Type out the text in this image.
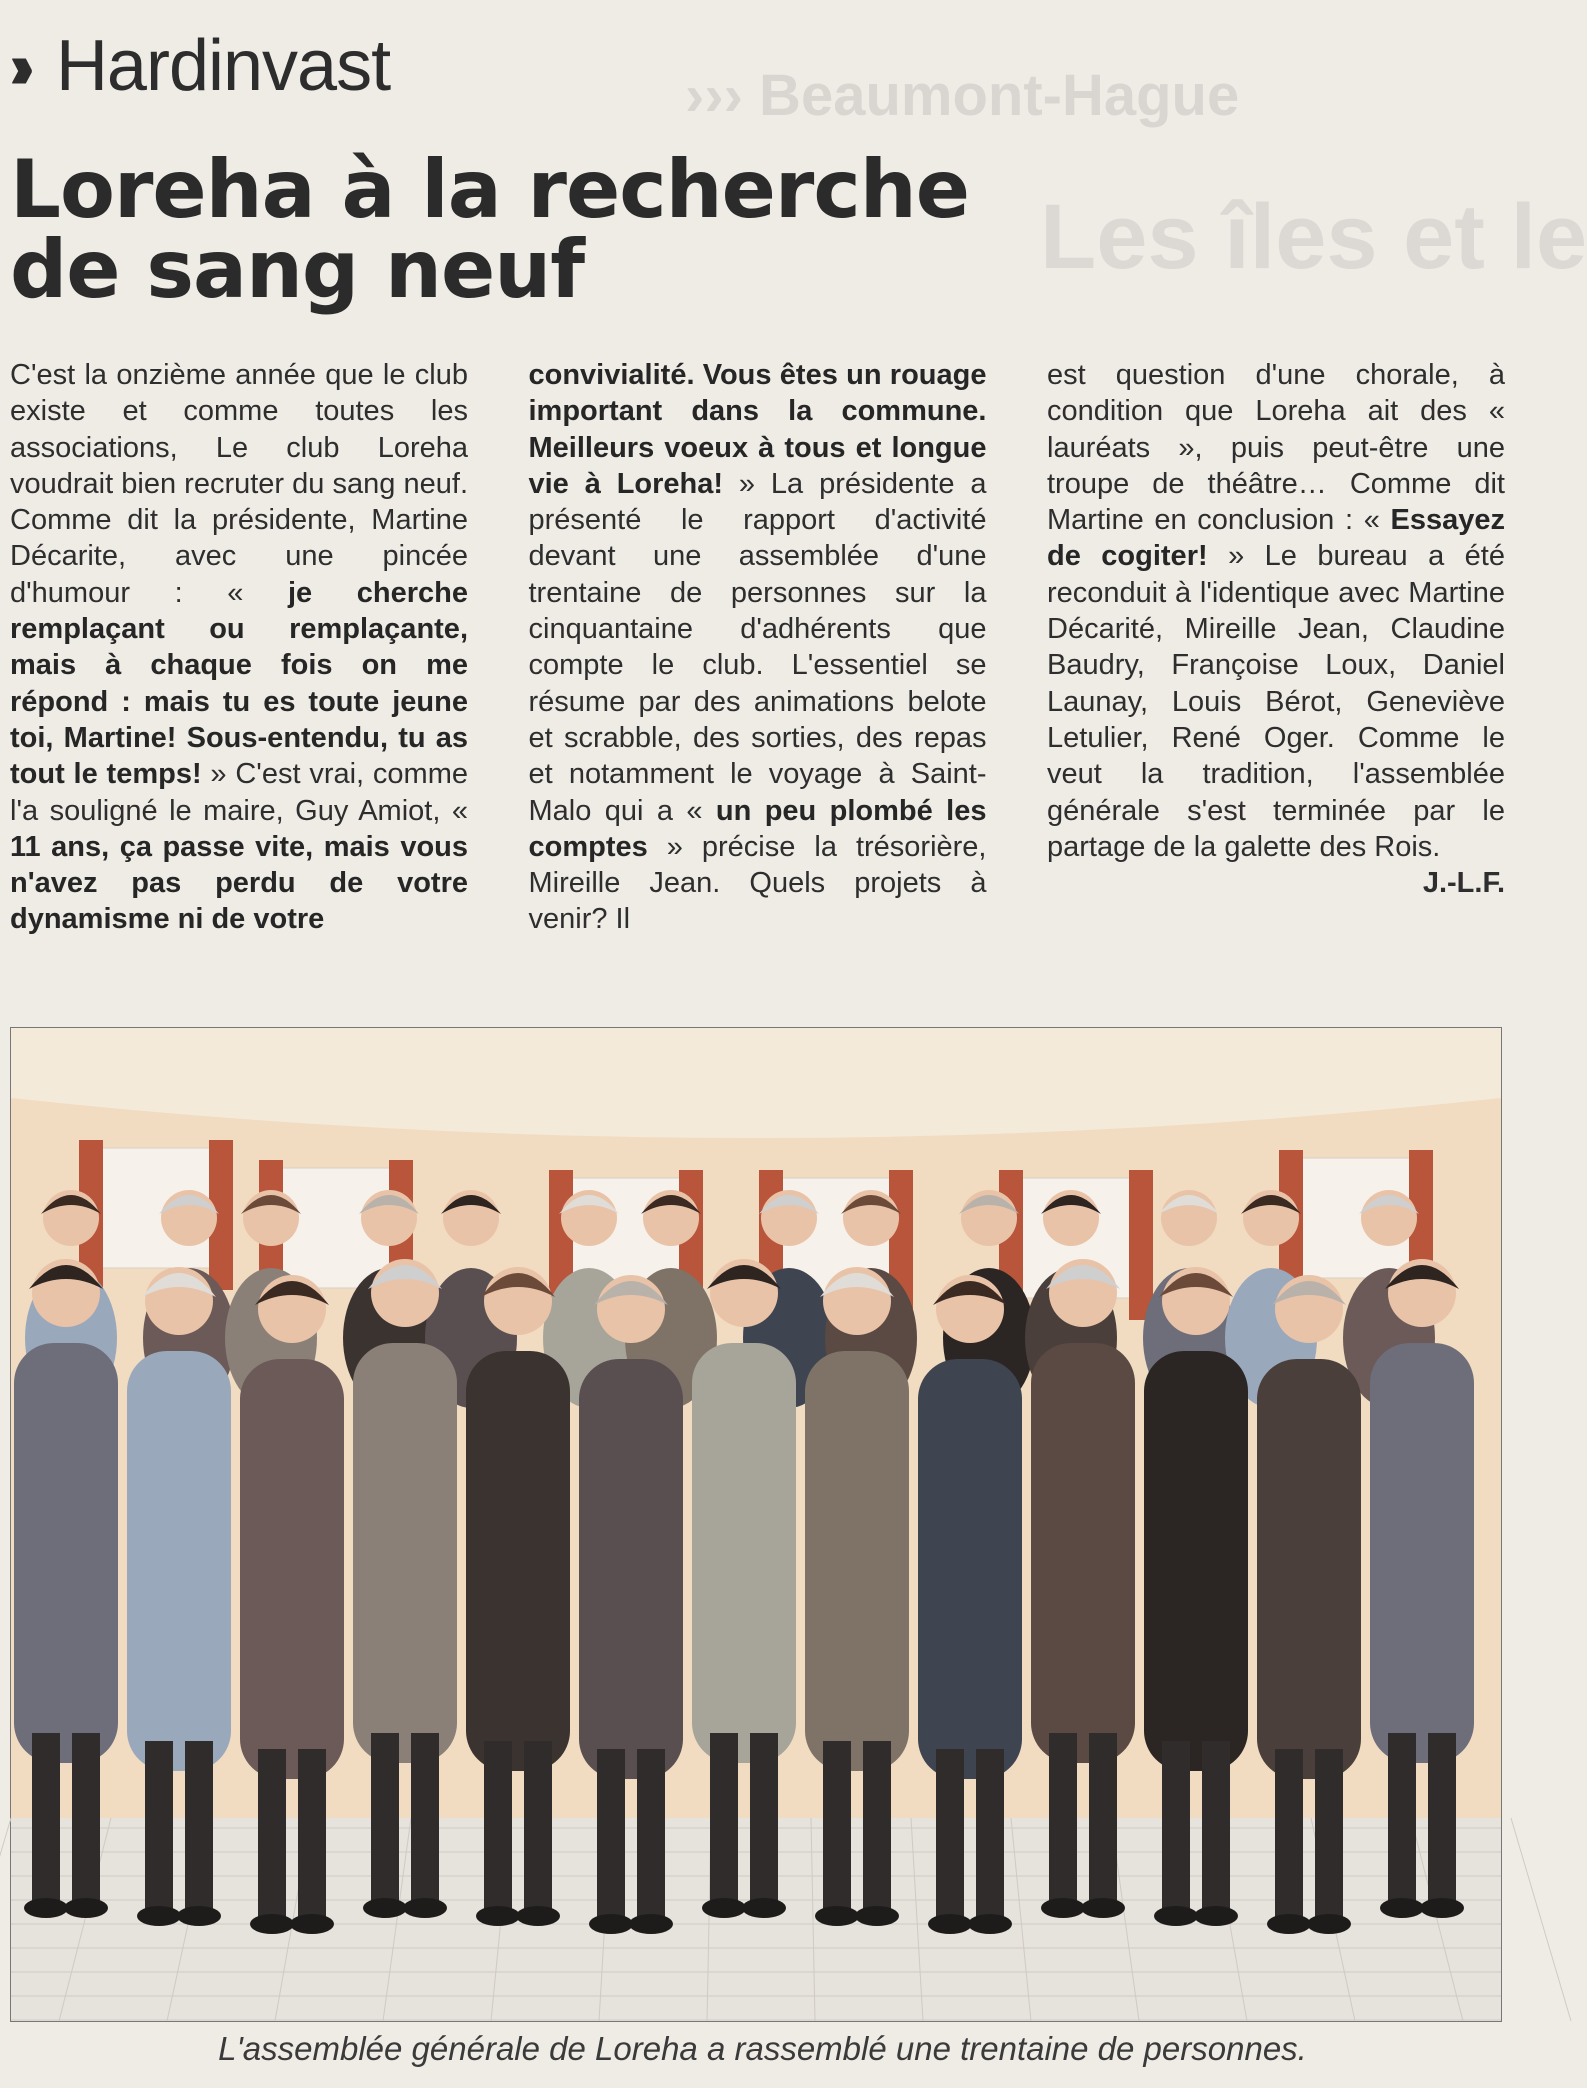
››› Beaumont-Hague
Les îles et le
››› Hardinvast
Loreha à la recherche
de sang neuf
C'est la onzième année que le club existe et comme toutes les associations, Le club Loreha voudrait bien recruter du sang neuf. Comme dit la présidente, Martine Décarite, avec une pincée d'humour : « je cherche remplaçant ou remplaçante, mais à chaque fois on me répond : mais tu es toute jeune toi, Martine! Sous-entendu, tu as tout le temps! » C'est vrai, comme l'a souligné le maire, Guy Amiot, « 11 ans, ça passe vite, mais vous n'avez pas perdu de votre dynamisme ni de votre
convivialité. Vous êtes un rouage important dans la commune. Meilleurs voeux à tous et longue vie à Loreha! » La présidente a présenté le rapport d'activité devant une assemblée d'une trentaine de personnes sur la cinquantaine d'adhérents que compte le club. L'essentiel se résume par des animations belote et scrabble, des sorties, des repas et notamment le voyage à Saint-Malo qui a « un peu plombé les comptes » précise la trésorière, Mireille Jean. Quels projets à venir? Il
est question d'une chorale, à condition que Loreha ait des « lauréats », puis peut-être une troupe de théâtre… Comme dit Martine en conclusion : « Essayez de cogiter! » Le bureau a été reconduit à l'identique avec Martine Décarité, Mireille Jean, Claudine Baudry, Françoise Loux, Daniel Launay, Louis Bérot, Geneviève Letulier, René Oger. Comme le veut la tradition, l'assemblée générale s'est terminée par le partage de la galette des Rois.
J.-L.F.
L'assemblée générale de Loreha a rassemblé une trentaine de personnes.
